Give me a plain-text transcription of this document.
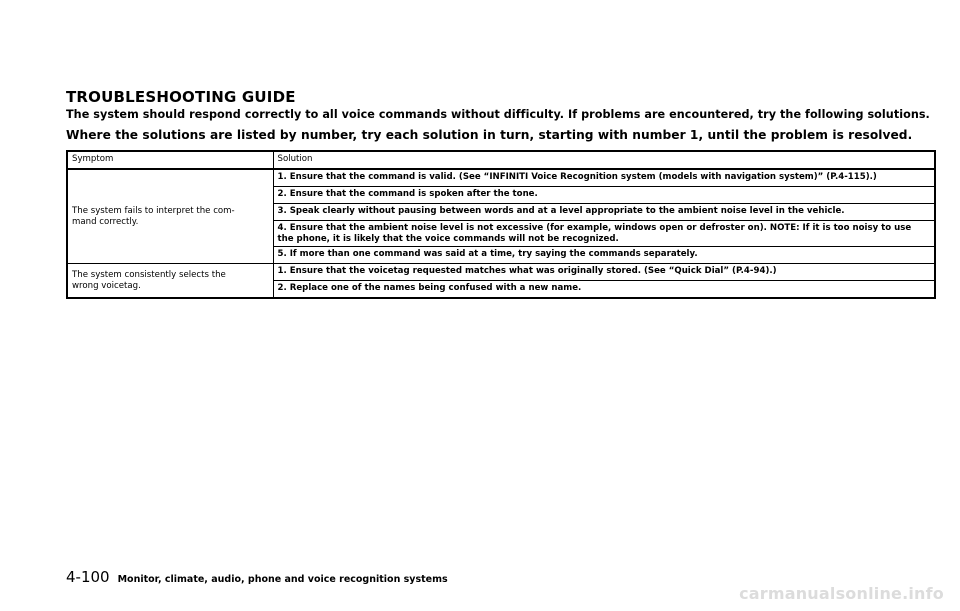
TROUBLESHOOTING GUIDE

The system should respond correctly to all voice commands without difficulty. If problems are encountered, try the following solutions.

Where the solutions are listed by number, try each solution in turn, starting with number 1, until the problem is resolved.

Symptom	Solution
The system fails to interpret the com-
mand correctly.	1. Ensure that the command is valid. (See “INFINITI Voice Recognition system (models with navigation system)” (P.4-115).)
	2. Ensure that the command is spoken after the tone.
	3. Speak clearly without pausing between words and at a level appropriate to the ambient noise level in the vehicle.
	4. Ensure that the ambient noise level is not excessive (for example, windows open or defroster on). NOTE: If it is too noisy to use the phone, it is likely that the voice commands will not be recognized.
	5. If more than one command was said at a time, try saying the commands separately.
The system consistently selects the
wrong voicetag.	1. Ensure that the voicetag requested matches what was originally stored. (See “Quick Dial” (P.4-94).)
	2. Replace one of the names being confused with a new name.
4-100 Monitor, climate, audio, phone and voice recognition systems
carmanualsonline.info
